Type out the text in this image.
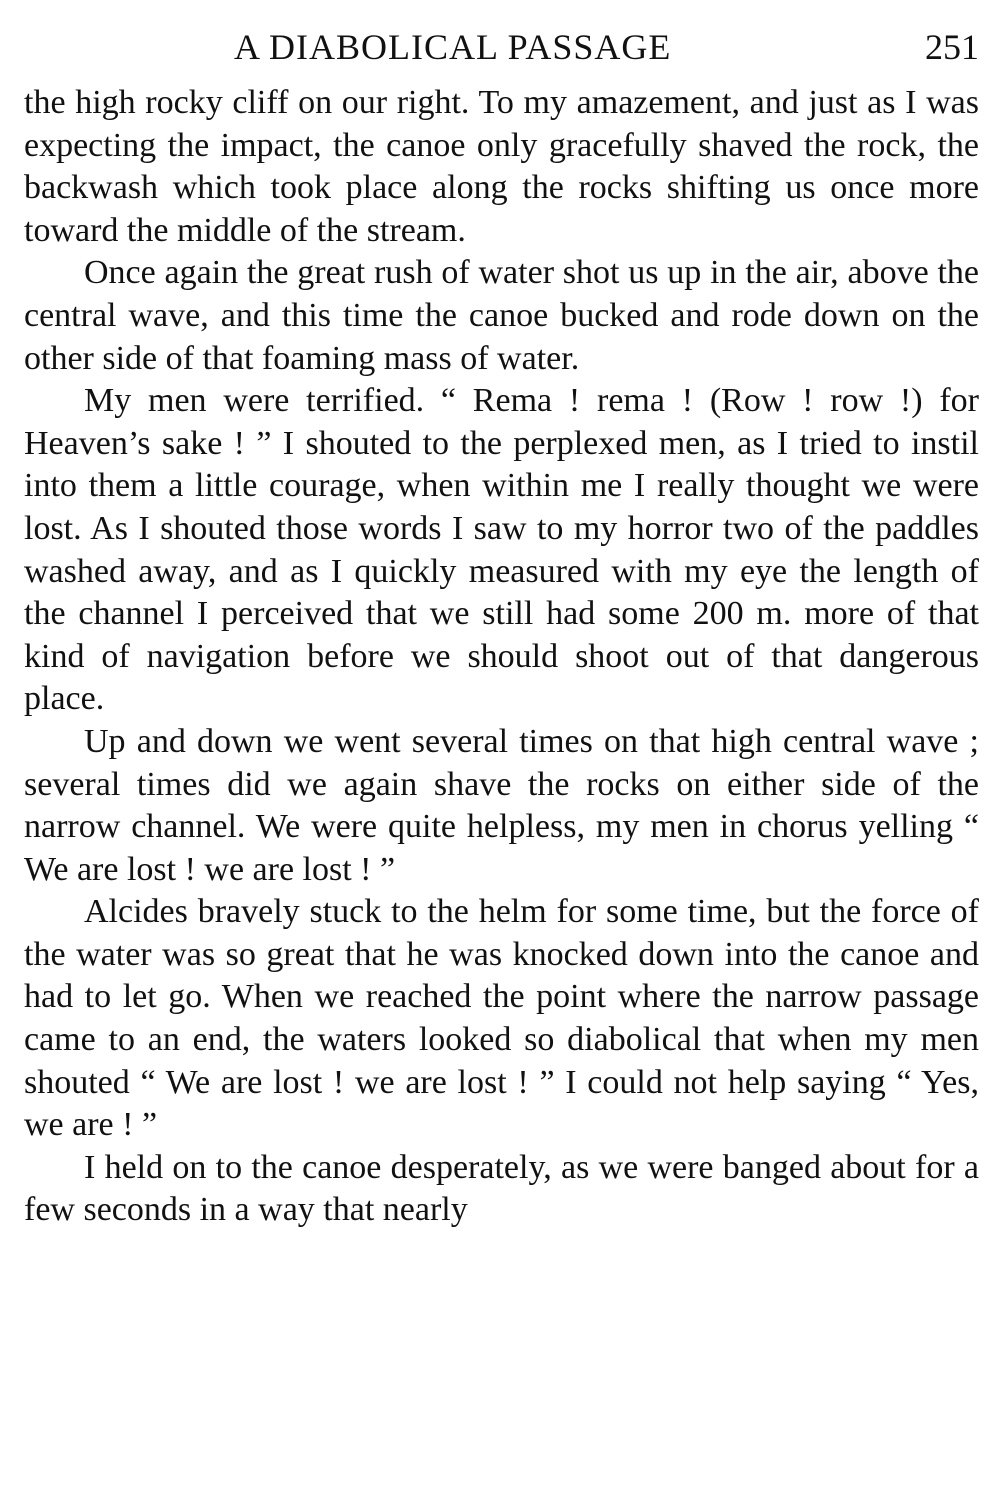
A DIABOLICAL PASSAGE	251

the high rocky cliff on our right. To my amazement, and just as I was expecting the impact, the canoe only gracefully shaved the rock, the backwash which took place along the rocks shifting us once more toward the middle of the stream.

Once again the great rush of water shot us up in the air, above the central wave, and this time the canoe bucked and rode down on the other side of that foaming mass of water.

My men were terrified. “ Rema ! rema ! (Row ! row !) for Heaven’s sake ! ” I shouted to the perplexed men, as I tried to instil into them a little courage, when within me I really thought we were lost. As I shouted those words I saw to my horror two of the paddles washed away, and as I quickly measured with my eye the length of the channel I perceived that we still had some 200 m. more of that kind of navigation before we should shoot out of that dangerous place.

Up and down we went several times on that high central wave ; several times did we again shave the rocks on either side of the narrow channel. We were quite helpless, my men in chorus yelling “ We are lost ! we are lost ! ”

Alcides bravely stuck to the helm for some time, but the force of the water was so great that he was knocked down into the canoe and had to let go. When we reached the point where the narrow passage came to an end, the waters looked so diabolical that when my men shouted “ We are lost ! we are lost ! ” I could not help saying “ Yes, we are ! ”

I held on to the canoe desperately, as we were banged about for a few seconds in a way that nearly
